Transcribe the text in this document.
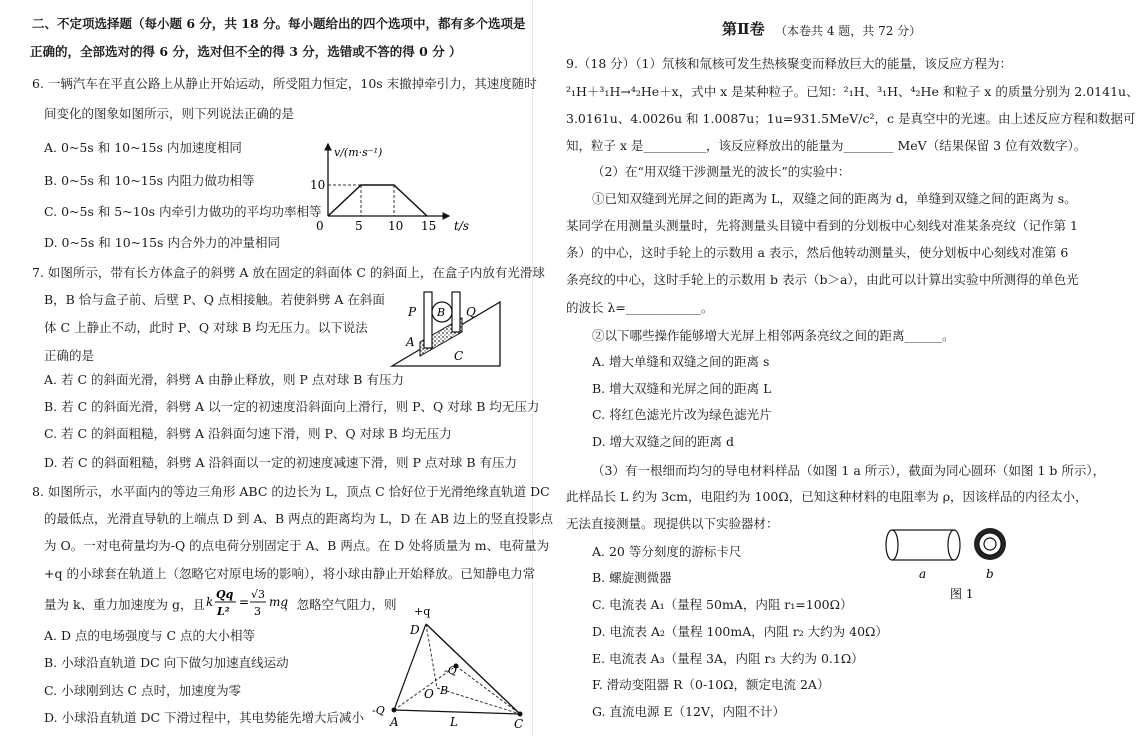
二、不定项选择题（每小题 6 分，共 18 分。每小题给出的四个选项中，都有多个选项是
正确的，全部选对的得 6 分，选对但不全的得 3 分，选错或不答的得 0 分 ）
6. 一辆汽车在平直公路上从静止开始运动，所受阻力恒定，10s 末撤掉牵引力，其速度随时
间变化的图象如图所示，则下列说法正确的是
A. 0~5s 和 10~15s 内加速度相同
B. 0~5s 和 10~15s 内阻力做功相等
C. 0~5s 和 5~10s 内牵引力做功的平均功率相等
D. 0~5s 和 10~15s 内合外力的冲量相同
v/(m·s⁻¹)
t/s
0
10
5 10 15
7. 如图所示，带有长方体盒子的斜劈 A 放在固定的斜面体 C 的斜面上，在盒子内放有光滑球
B，B 恰与盒子前、后壁 P、Q 点相接触。若使斜劈 A 在斜面
体 C 上静止不动，此时 P、Q 对球 B 均无压力。以下说法
正确的是
P B Q
A
C
A. 若 C 的斜面光滑，斜劈 A 由静止释放，则 P 点对球 B 有压力
B. 若 C 的斜面光滑，斜劈 A 以一定的初速度沿斜面向上滑行，则 P、Q 对球 B 均无压力
C. 若 C 的斜面粗糙，斜劈 A 沿斜面匀速下滑，则 P、Q 对球 B 均无压力
D. 若 C 的斜面粗糙，斜劈 A 沿斜面以一定的初速度减速下滑，则 P 点对球 B 有压力
8. 如图所示，水平面内的等边三角形 ABC 的边长为 L，顶点 C 恰好位于光滑绝缘直轨道 DC
的最低点，光滑直导轨的上端点 D 到 A、B 两点的距离均为 L，D 在 AB 边上的竖直投影点
为 O。一对电荷量均为-Q 的点电荷分别固定于 A、B 两点。在 D 处将质量为 m、电荷量为
+q 的小球套在轨道上（忽略它对原电场的影响），将小球由静止开始释放。已知静电力常
量为 k、重力加速度为 g，且 k
Qq
L²
=
√3
3
mg
，忽略空气阻力，则
A. D 点的电场强度与 C 点的大小相等
B. 小球沿直轨道 DC 向下做匀加速直线运动
C. 小球刚到达 C 点时，加速度为零
D. 小球沿直轨道 DC 下滑过程中，其电势能先增大后减小
+q
D
-Q
B
O
-Q
A	L	C
第Ⅱ卷 （本卷共 4 题，共 72 分）
9.（18 分）（1）氘核和氚核可发生热核聚变而释放巨大的能量，该反应方程为：
²₁H＋³₁H→⁴₂He＋x，式中 x 是某种粒子。已知：²₁H、³₁H、⁴₂He 和粒子 x 的质量分别为 2.0141u、
3.0161u、4.0026u 和 1.0087u；1u=931.5MeV/c²，c 是真空中的光速。由上述反应方程和数据可
知，粒子 x 是__________，该反应释放出的能量为________ MeV（结果保留 3 位有效数字）。
（2）在“用双缝干涉测量光的波长”的实验中：
①已知双缝到光屏之间的距离为 L，双缝之间的距离为 d，单缝到双缝之间的距离为 s。
某同学在用测量头测量时，先将测量头目镜中看到的分划板中心刻线对准某条亮纹（记作第 1
条）的中心，这时手轮上的示数用 a 表示，然后他转动测量头，使分划板中心刻线对准第 6
条亮纹的中心，这时手轮上的示数用 b 表示（b＞a），由此可以计算出实验中所测得的单色光
的波长 λ=____________。
②以下哪些操作能够增大光屏上相邻两条亮纹之间的距离______。
A. 增大单缝和双缝之间的距离 s
B. 增大双缝和光屏之间的距离 L
C. 将红色滤光片改为绿色滤光片
D. 增大双缝之间的距离 d
（3）有一根细而均匀的导电材料样品（如图 1 a 所示），截面为同心圆环（如图 1 b 所示），
此样品长 L 约为 3cm，电阻约为 100Ω，已知这种材料的电阻率为 ρ，因该样品的内径太小，
无法直接测量。现提供以下实验器材：
A. 20 等分刻度的游标卡尺
B. 螺旋测微器
C. 电流表 A₁（量程 50mA，内阻 r₁=100Ω）
D. 电流表 A₂（量程 100mA，内阻 r₂ 大约为 40Ω）
E. 电流表 A₃（量程 3A，内阻 r₃ 大约为 0.1Ω）
F. 滑动变阻器 R（0-10Ω，额定电流 2A）
G. 直流电源 E（12V，内阻不计）
a	b
图 1
